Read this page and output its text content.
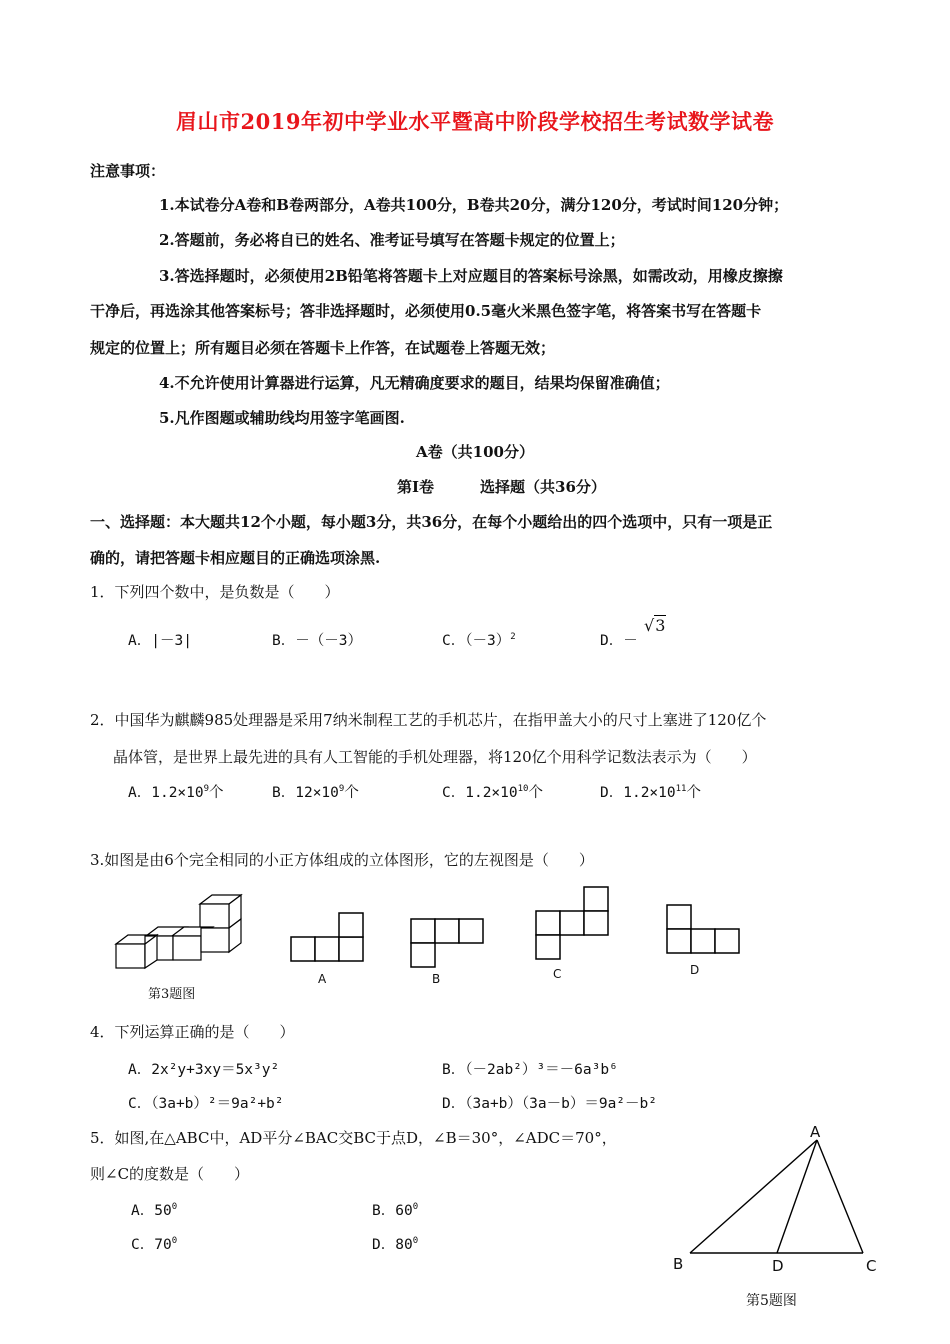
眉山市2019年初中学业水平暨高中阶段学校招生考试数学试卷
注意事项：
1.本试卷分A卷和B卷两部分，A卷共100分，B卷共20分，满分120分，考试时间120分钟；
2.答题前，务必将自已的姓名、准考证号填写在答题卡规定的位置上；
3.答选择题时，必须使用2B铅笔将答题卡上对应题目的答案标号涂黑，如需改动，用橡皮擦擦
干净后，再选涂其他答案标号；答非选择题时，必须使用0.5毫火米黑色签字笔，将答案书写在答题卡
规定的位置上；所有题目必须在答题卡上作答，在试题卷上答题无效；
4.不允许使用计算器进行运算，凡无精确度要求的题目，结果均保留准确值；
5.凡作图题或辅助线均用签字笔画图.
A卷（共100分）
第Ⅰ卷	选择题（共36分）
一、选择题：本大题共12个小题，每小题3分，共36分，在每个小题给出的四个选项中，只有一项是正
确的，请把答题卡相应题目的正确选项涂黑.
1．下列四个数中，是负数是（　　）
A．|－3|	B．－（－3）	C．$(-3)^2$	D．－
√3
2．中国华为麒麟985处理器是采用7纳米制程工艺的手机芯片，在指甲盖大小的尺寸上塞进了120亿个
晶体管，是世界上最先进的具有人工智能的手机处理器，将120亿个用科学记数法表示为（　　）
A．$1.2\times 10^9$个	B．$12\times 10^9$个	C．$1.2\times 10^{10}$个	D．$1.2\times 10^{11}$个
3.如图是由6个完全相同的小正方体组成的立体图形，它的左视图是（　　）
第3题图
A	B	C	D
4．下列运算正确的是（　　）
A．2x²y+3xy＝5x³y²	B．（－2ab²）³＝－6a³b⁶
C．（3a+b）²＝9a²+b²	D．（3a+b）（3a－b）＝9a²－b²
5．如图,在△ABC中，AD平分∠BAC交BC于点D，∠B＝30°，∠ADC＝70°，
则∠C的度数是（　　）
A．$50^0$	B．$60^0$
C．$70^0$	D．$80^0$
A
B	C
D
第5题图
